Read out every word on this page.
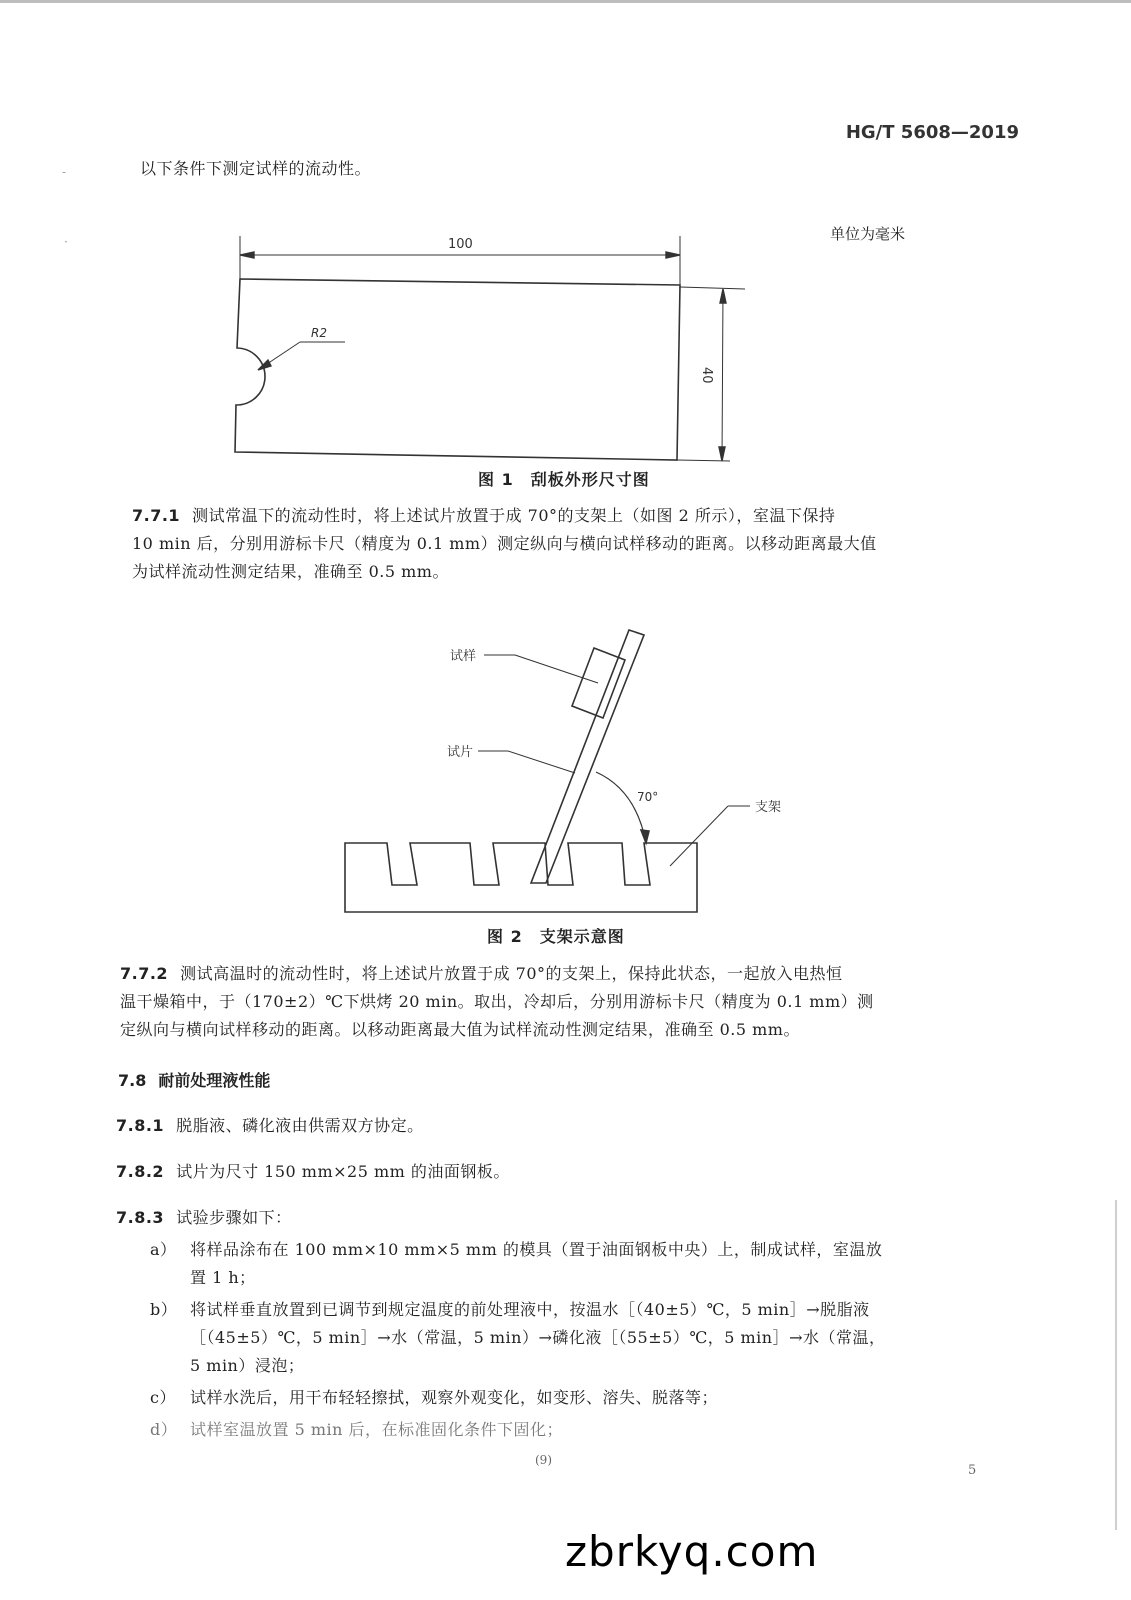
HG/T 5608—2019
-
·
以下条件下测定试样的流动性。
单位为毫米
100
R2
40
图 1　刮板外形尺寸图
7.7.1 测试常温下的流动性时，将上述试片放置于成 70°的支架上（如图 2 所示），室温下保持
10 min 后，分别用游标卡尺（精度为 0.1 mm）测定纵向与横向试样移动的距离。以移动距离最大值
为试样流动性测定结果，准确至 0.5 mm。
试样
试片
70°
支架
图 2　支架示意图
7.7.2 测试高温时的流动性时，将上述试片放置于成 70°的支架上，保持此状态，一起放入电热恒
温干燥箱中，于（170±2）℃下烘烤 20 min。取出，冷却后，分别用游标卡尺（精度为 0.1 mm）测
定纵向与横向试样移动的距离。以移动距离最大值为试样流动性测定结果，准确至 0.5 mm。
7.8 耐前处理液性能
7.8.1 脱脂液、磷化液由供需双方协定。
7.8.2 试片为尺寸 150 mm×25 mm 的油面钢板。
7.8.3 试验步骤如下：
a） 将样品涂布在 100 mm×10 mm×5 mm 的模具（置于油面钢板中央）上，制成试样，室温放
置 1 h；
b） 将试样垂直放置到已调节到规定温度的前处理液中，按温水［（40±5）℃，5 min］→脱脂液
［（45±5）℃，5 min］→水（常温，5 min）→磷化液［（55±5）℃，5 min］→水（常温，
5 min）浸泡；
c） 试样水洗后，用干布轻轻擦拭，观察外观变化，如变形、溶失、脱落等；
d） 试样室温放置 5 min 后，在标准固化条件下固化；
(9)
5
zbrkyq.com
